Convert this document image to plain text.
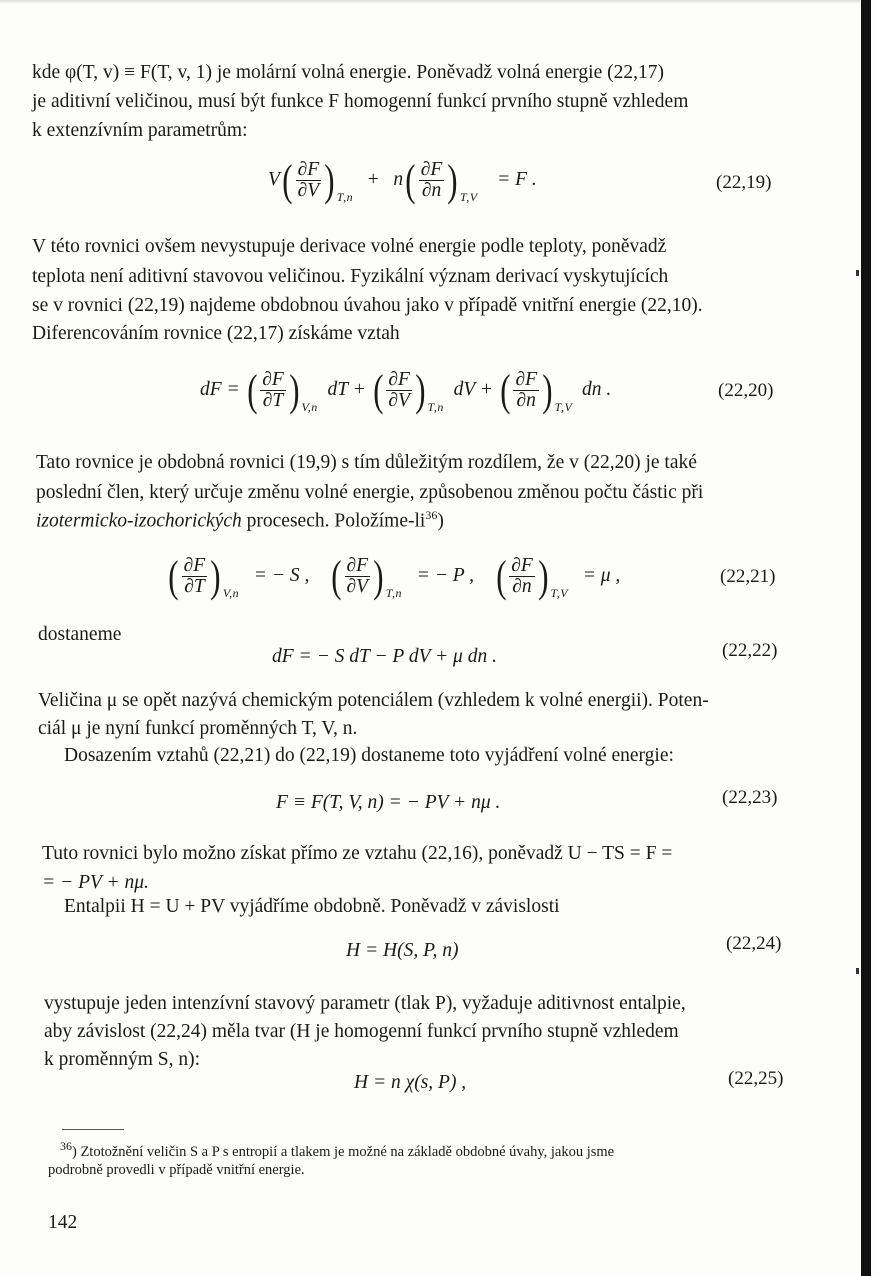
kde φ(T, v) ≡ F(T, v, 1) je molární volná energie. Poněvadž volná energie (22,17)
je aditivní veličinou, musí být funkce F homogenní funkcí prvního stupně vzhledem
k extenzívním parametrům:
$V( \frac{\partial F}{\partial V}$ ) $_{T,n} + n( \frac{\partial F}{\partial n}$ ) $_{T,V}$    = F .	(22,19)
V této rovnici ovšem nevystupuje derivace volné energie podle teploty, poněvadž
teplota není aditivní stavovou veličinou. Fyzikální význam derivací vyskytujících
se v rovnici (22,19) najdeme obdobnou úvahou jako v případě vnitřní energie (22,10).
Diferencováním rovnice (22,17) získáme vztah
dF = ( $\frac{\partial F}{\partial T}$ ) $_{V,n}$  dT + ( $\frac{\partial F}{\partial V}$ ) $_{T,n}$  dV + ( $\frac{\partial F}{\partial n}$ ) $_{T,V}$  dn .	(22,20)
Tato rovnice je obdobná rovnici (19,9) s tím důležitým rozdílem, že v (22,20) je také
poslední člen, který určuje změnu volné energie, způsobenou změnou počtu částic při
izotermicko-izochorických procesech. Položíme-$li^{36}$)
( $\frac{\partial F}{\partial T}$ ) $_{V,n}$   = − S , ( $\frac{\partial F}{\partial V}$ ) $_{T,n}$   = − P , ( $\frac{\partial F}{\partial n}$ ) $_{T,V}$   = μ ,	(22,21)
dostaneme
dF = − S dT − P dV + μ dn .	(22,22)
Veličina μ se opět nazývá chemickým potenciálem (vzhledem k volné energii). Poten-
ciál μ je nyní funkcí proměnných T, V, n.
Dosazením vztahů (22,21) do (22,19) dostaneme toto vyjádření volné energie:
F ≡ F(T, V, n) = − PV + nμ .	(22,23)
Tuto rovnici bylo možno získat přímo ze vztahu (22,16), poněvadž U − TS = F =
= − PV + nμ.
Entalpii H = U + PV vyjádříme obdobně. Poněvadž v závislosti
H = H(S, P, n)	(22,24)
vystupuje jeden intenzívní stavový parametr (tlak P), vyžaduje aditivnost entalpie,
aby závislost (22,24) měla tvar (H je homogenní funkcí prvního stupně vzhledem
k proměnným S, n):
H = n χ(s, P) ,	(22,25)
$^{36}$) Ztotožnění veličin S a P s entropií a tlakem je možné na základě obdobné úvahy, jakou jsme
podrobně provedli v případě vnitřní energie.
142
